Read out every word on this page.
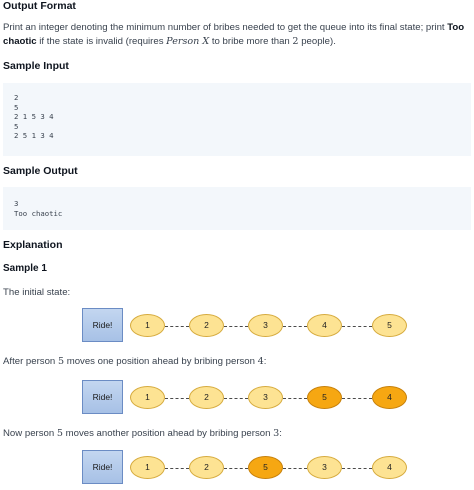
Output Format
Print an integer denoting the minimum number of bribes needed to get the queue into its final state; print Too chaotic if the state is invalid (requires Person X to bribe more than 2 people).
Sample Input
2
5
2 1 5 3 4
5
2 5 1 3 4
Sample Output
3
Too chaotic
Explanation
Sample 1
The initial state:
Ride!	1	2	3	4	5
After person 5 moves one position ahead by bribing person 4:
Ride!	1	2	3	5	4
Now person 5 moves another position ahead by bribing person 3:
Ride!	1	2	5	3	4
